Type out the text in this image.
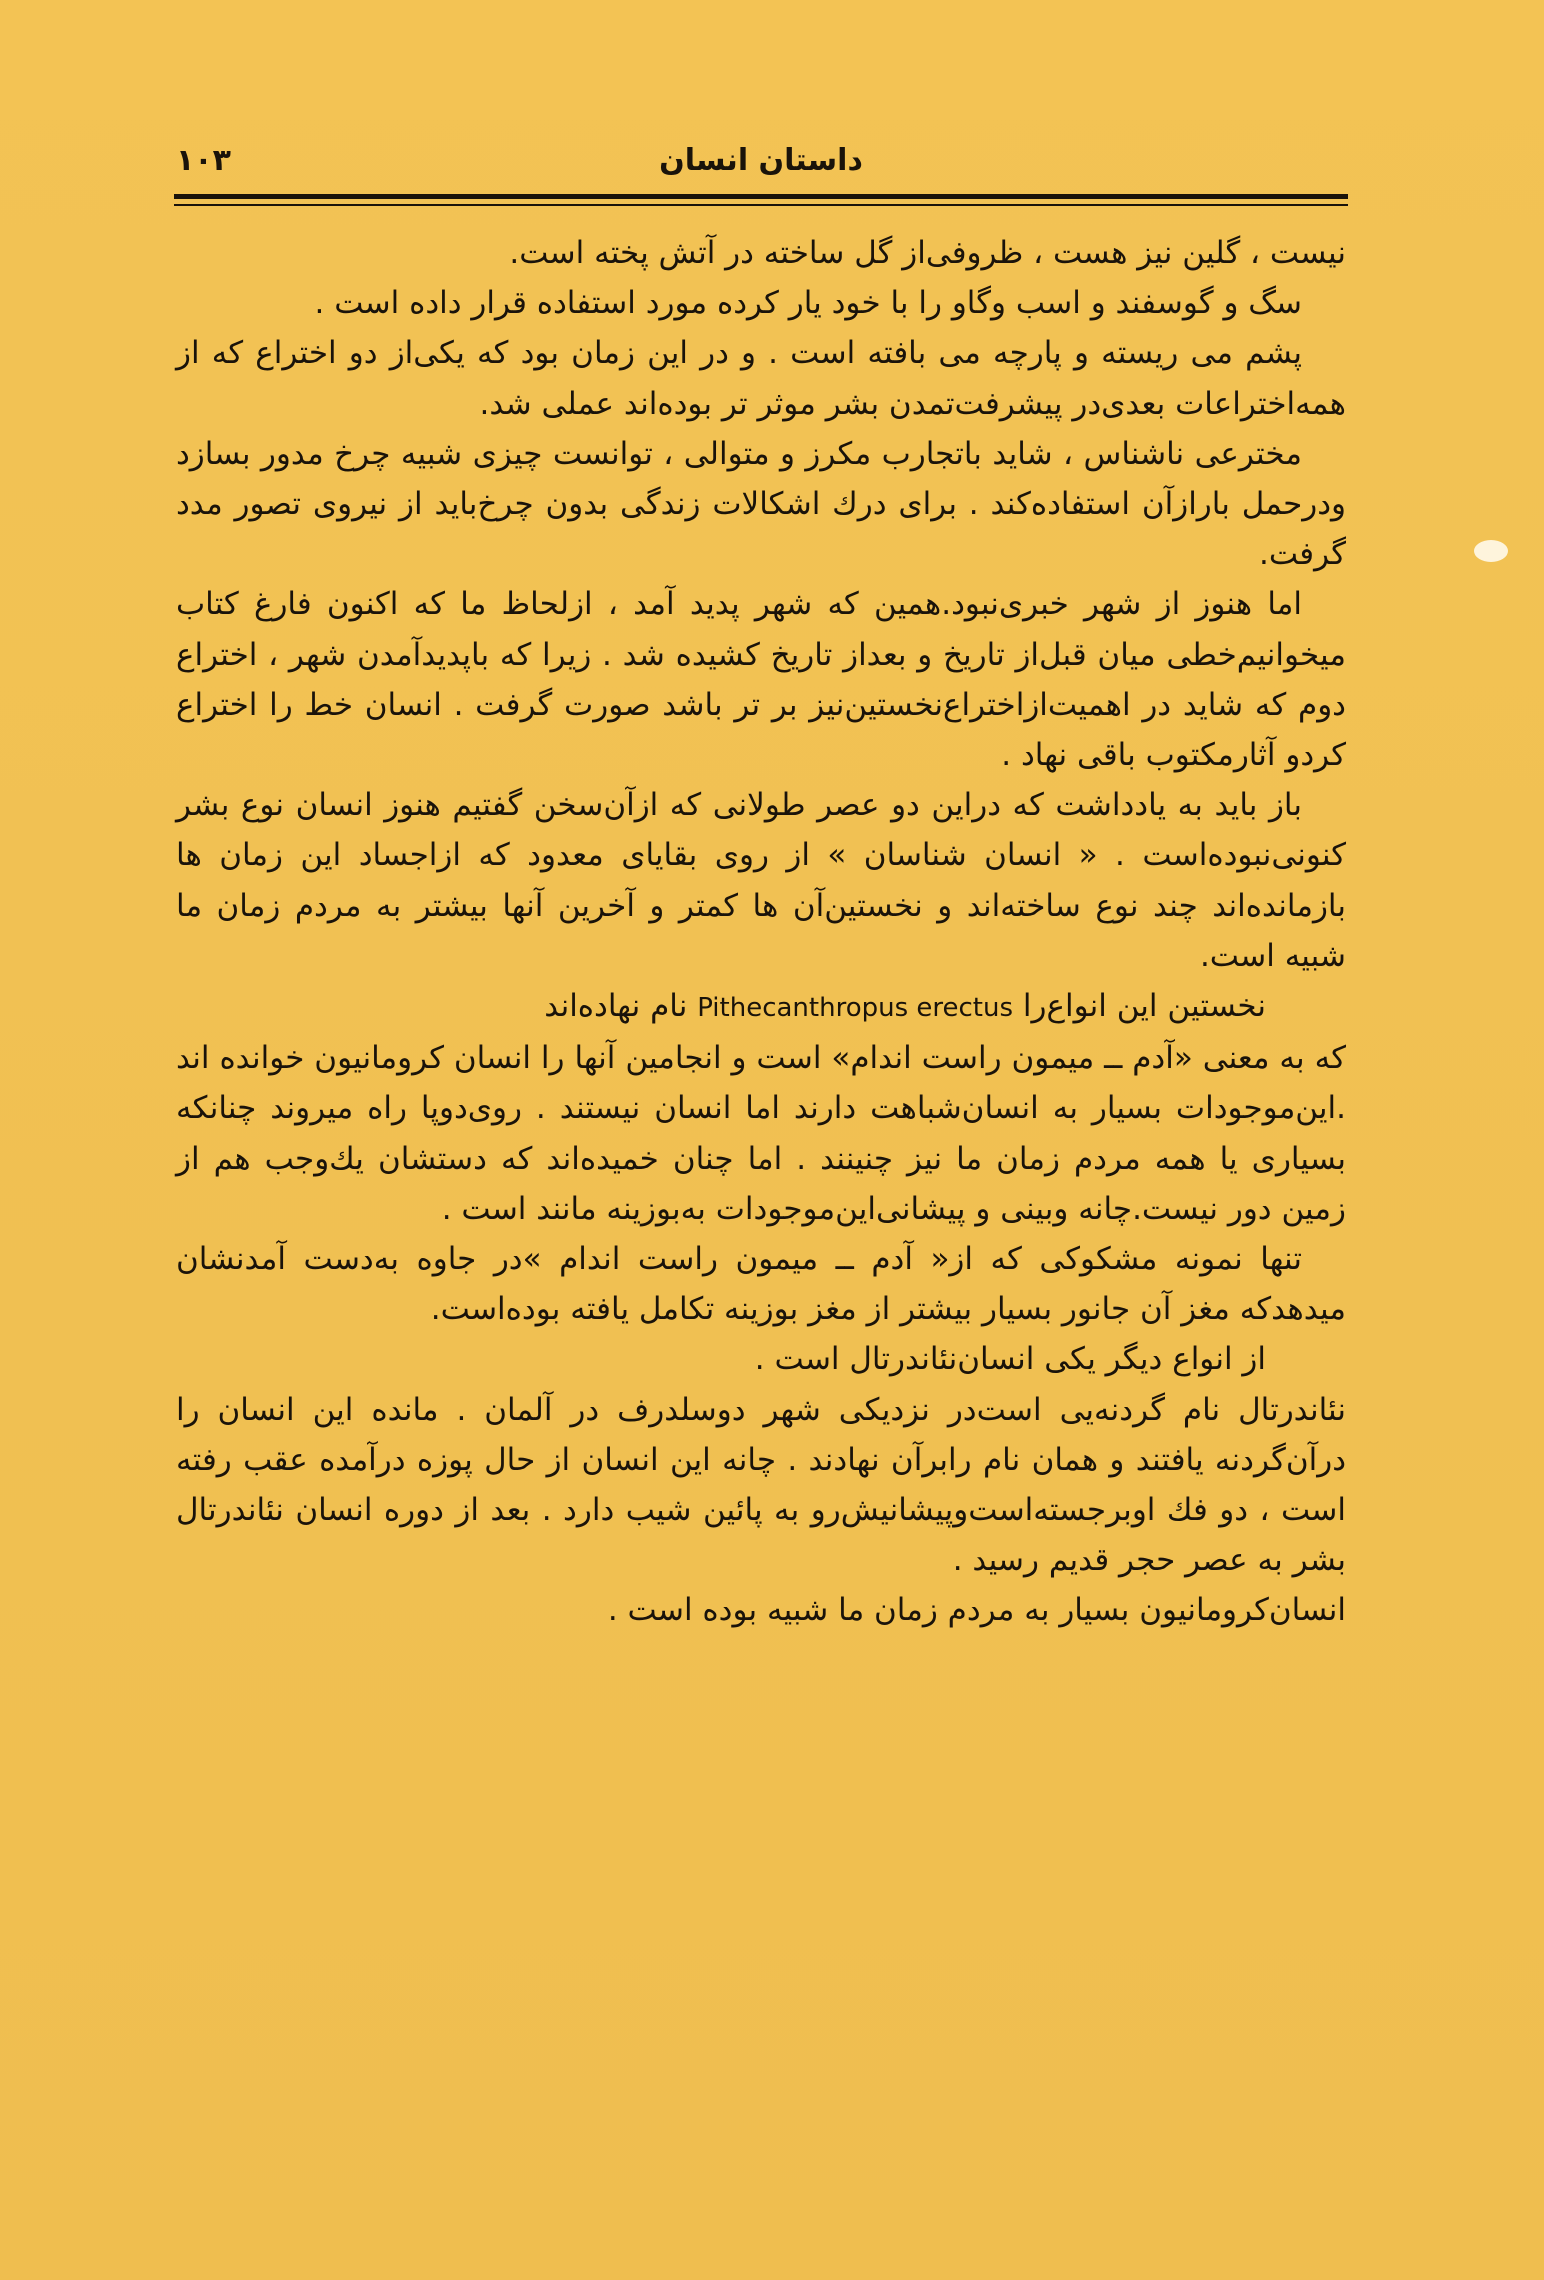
داستان انسان
۱۰۳

نیست ، گلین نیز هست ، ظروفی‌از گل ساخته در آتش پخته است.

سگ و گوسفند و اسب وگاو را با خود یار کرده مورد استفاده قرار داده است .

پشم می ریسته و پارچه می بافته است . و در این زمان بود که یکی‌از دو اختراع که از همه‌اختراعات بعدی‌در پیشرفت‌تمدن بشر موثر تر بوده‌اند عملی شد.

مخترعی ناشناس ، شاید باتجارب مکرز و متوالی ، توانست چیزی شبیه چرخ مدور بسازد ودرحمل بارازآن استفاده‌کند . برای درك اشکالات زندگی بدون چرخ‌باید از نیروی تصور مدد گرفت.

اما هنوز از شهر خبری‌نبود.همین که شهر پدید آمد ، ازلحاظ ما که اکنون فارغ کتاب میخوانیم‌خطی میان قبل‌از تاریخ و بعداز تاریخ کشیده شد . زیرا که باپدیدآمدن شهر ، اختراع دوم که شاید در اهمیت‌ازاختراع‌نخستین‌نیز بر تر باشد صورت گرفت . انسان خط را اختراع کردو آثارمکتوب باقی نهاد .

باز باید به یادداشت که دراین دو عصر طولانی که ازآن‌سخن گفتیم هنوز انسان نوع بشر کنونی‌نبوده‌است . « انسان شناسان » از روی بقایای معدود که ازاجساد این زمان ها بازمانده‌اند چند نوع ساخته‌اند و نخستین‌آن ها کمتر و آخرین آنها بیشتر به مردم زمان ما شبیه است.

نخستین این انواع‌را Pithecanthropus erectus نام نهاده‌اند

که به معنی «آدم ــ میمون راست اندام» است و انجامین آنها را انسان کرومانیون خوانده اند .این‌موجودات بسیار به انسان‌شباهت دارند اما انسان نیستند . روی‌دوپا راه میروند چنانکه بسیاری یا همه مردم زمان ما نیز چنینند . اما چنان خمیده‌اند که دستشان یك‌وجب هم از زمین دور نیست.چانه وبینی و پیشانی‌این‌موجودات به‌بوزینه مانند است .

تنها نمونه مشکوکی که از« آدم ــ میمون راست اندام »در جاوه به‌دست آمدنشان میدهدکه مغز آن جانور بسیار بیشتر از مغز بوزینه تکامل یافته بوده‌است.

از انواع دیگر یکی انسان‌نئاندرتال است .

نئاندرتال نام گردنه‌یی است‌در نزدیکی شهر دوسلدرف در آلمان . مانده این انسان را درآن‌گردنه یافتند و همان نام رابرآن نهادند . چانه این انسان از حال پوزه درآمده عقب رفته است ، دو فك اوبرجسته‌است‌وپیشانیش‌رو به پائین شیب دارد . بعد از دوره انسان نئاندرتال بشر به عصر حجر قدیم رسید .

انسان‌کرومانیون بسیار به مردم زمان ما شبیه بوده است .
